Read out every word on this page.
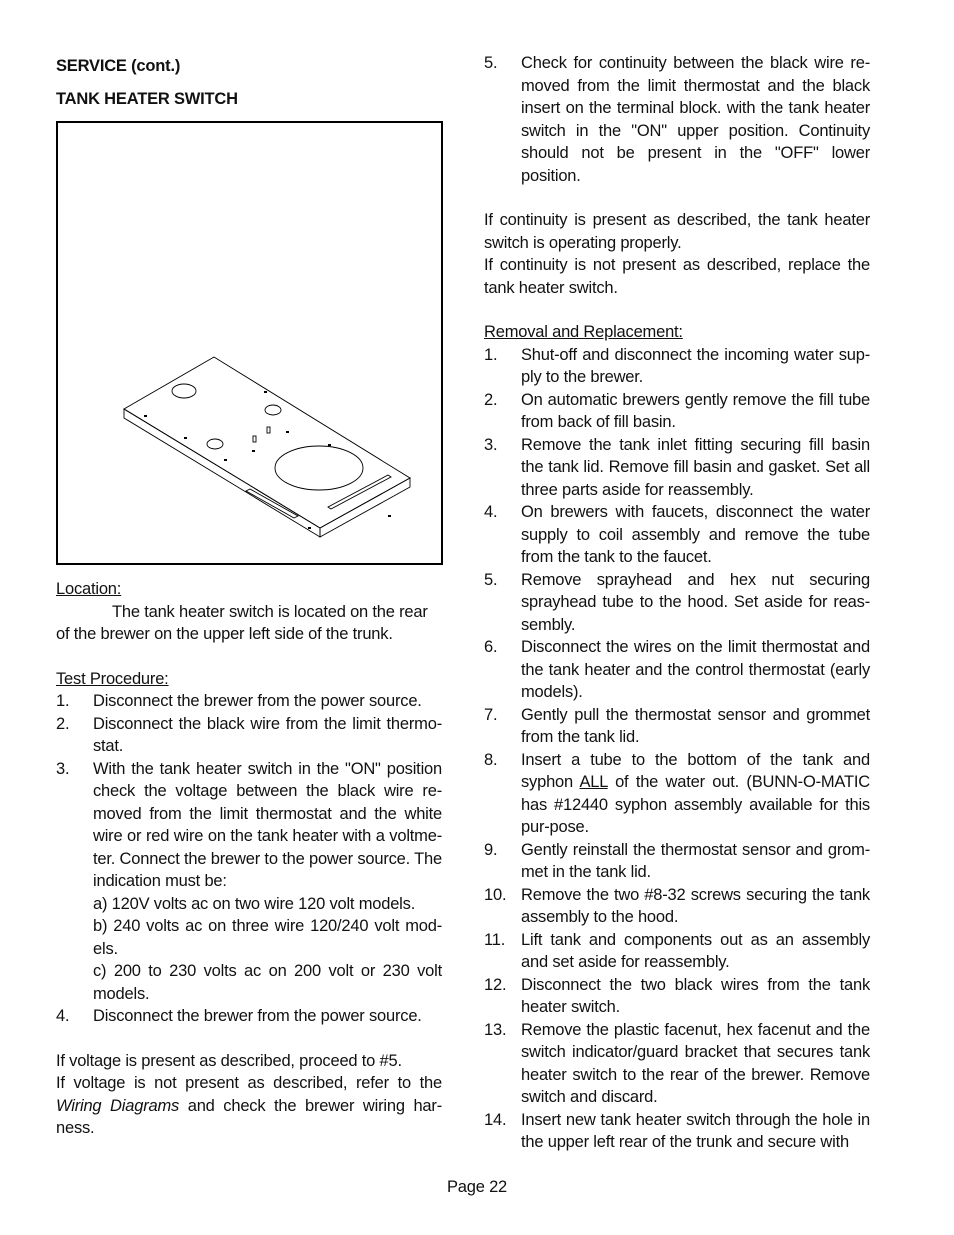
SERVICE (cont.)
TANK HEATER SWITCH
Location:
The tank heater switch is located on the rear
of the brewer on the upper left side of the trunk.
Test Procedure:
1. Disconnect the brewer from the power source.
2. Disconnect the black wire from the limit thermo-stat.
3. With the tank heater switch in the "ON" position check the voltage between the black wire re-moved from the limit thermostat and the white wire or red wire on the tank heater with a voltme-ter. Connect the brewer to the power source. The indication must be:
a) 120V volts ac on two wire 120 volt models.
b) 240 volts ac on three wire 120/240 volt mod-els.
c) 200 to 230 volts ac on 200 volt or 230 volt models.
4. Disconnect the brewer from the power source.
If voltage is present as described, proceed to #5.
If voltage is not present as described, refer to the Wiring Diagrams and check the brewer wiring har-ness.
5. Check for continuity between the black wire re-moved from the limit thermostat and the black insert on the terminal block. with the tank heater switch in the "ON" upper position. Continuity should not be present in the "OFF" lower position.
If continuity is present as described, the tank heater switch is operating properly.
If continuity is not present as described, replace the tank heater switch.
Removal and Replacement:
1. Shut-off and disconnect the incoming water sup-ply to the brewer.
2. On automatic brewers gently remove the fill tube from back of fill basin.
3. Remove the tank inlet fitting securing fill basin the tank lid. Remove fill basin and gasket. Set all three parts aside for reassembly.
4. On brewers with faucets, disconnect the water supply to coil assembly and remove the tube from the tank to the faucet.
5. Remove sprayhead and hex nut securing sprayhead tube to the hood. Set aside for reas-sembly.
6. Disconnect the wires on the limit thermostat and the tank heater and the control thermostat (early models).
7. Gently pull the thermostat sensor and grommet from the tank lid.
8. Insert a tube to the bottom of the tank and syphon ALL of the water out. (BUNN-O-MATIC has #12440 syphon assembly available for this pur-pose.
9. Gently reinstall the thermostat sensor and grom-met in the tank lid.
10. Remove the two #8-32 screws securing the tank assembly to the hood.
11. Lift tank and components out as an assembly and set aside for reassembly.
12. Disconnect the two black wires from the tank heater switch.
13. Remove the plastic facenut, hex facenut and the switch indicator/guard bracket that secures tank heater switch to the rear of the brewer. Remove switch and discard.
14. Insert new tank heater switch through the hole in the upper left rear of the trunk and secure with
Page 22
